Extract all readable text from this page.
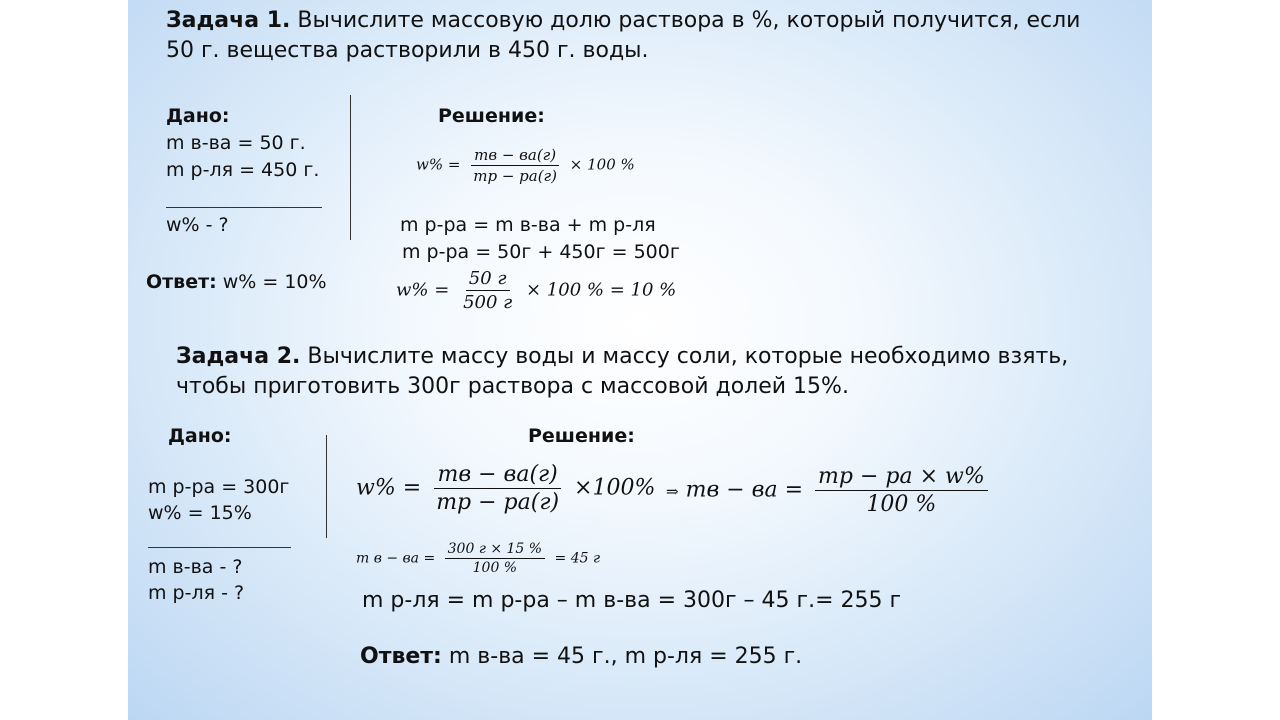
Задача 1. Вычислите массовую долю раствора в %, который получится, если
50 г. вещества растворили в 450 г. воды.
Дано:
m в-ва = 50 г.
m р-ля = 450 г.
w% - ?
Решение:
$w\% = \frac{mв - ва(г)}{mр - ра(г)} \times 100$ %
m р-ра = m в-ва + m р-ля
m р-ра = 50г + 450г = 500г
Ответ: w% = 10%	$w\% = \frac{50 г}{500 г} \times 100$ % = 10 %
Задача 2. Вычислите массу воды и массу соли, которые необходимо взять,
чтобы приготовить 300г раствора с массовой долей 15%.
Дано:
m р-ра = 300г
w% = 15%
m в-ва - ?
m р-ля - ?
Решение:
$w\% = \frac{mв - ва(г)}{mр - ра(г)} \times 100\%$ ⇒ mв − ва = $\frac{mр - ра \times w\%}{100 \%}$
m в − ва = $\frac{300 г \times 15 \%}{100 \%} = 45$ г
m р-ля = m р-ра – m в-ва = 300г – 45 г.= 255 г
Ответ: m в-ва = 45 г., m р-ля = 255 г.
